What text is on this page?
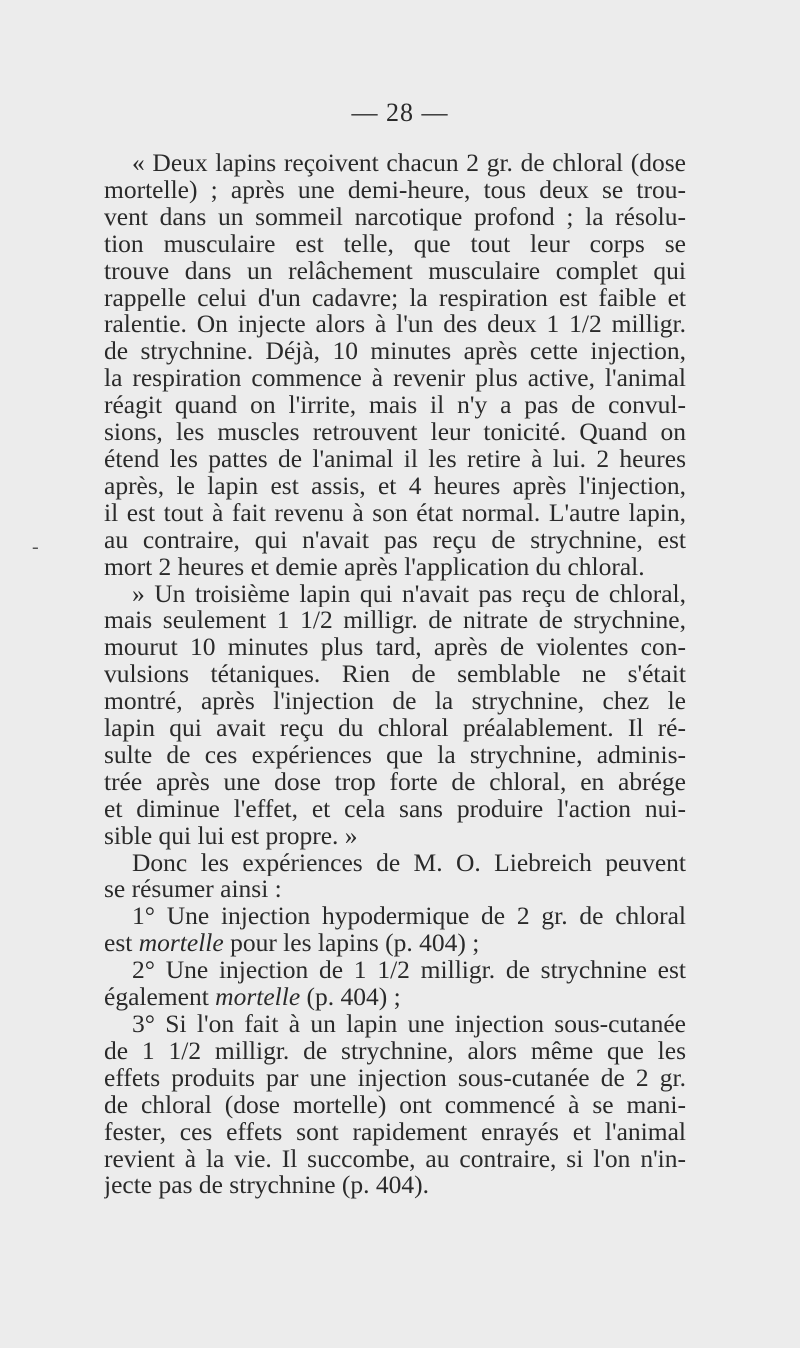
— 28 —
-
« Deux lapins reçoivent chacun 2 gr. de chloral (dose
mortelle) ; après une demi-heure, tous deux se trou-
vent dans un sommeil narcotique profond ; la résolu-
tion musculaire est telle, que tout leur corps se
trouve dans un relâchement musculaire complet qui
rappelle celui d'un cadavre; la respiration est faible et
ralentie. On injecte alors à l'un des deux 1 1/2 milligr.
de strychnine. Déjà, 10 minutes après cette injection,
la respiration commence à revenir plus active, l'animal
réagit quand on l'irrite, mais il n'y a pas de convul-
sions, les muscles retrouvent leur tonicité. Quand on
étend les pattes de l'animal il les retire à lui. 2 heures
après, le lapin est assis, et 4 heures après l'injection,
il est tout à fait revenu à son état normal. L'autre lapin,
au contraire, qui n'avait pas reçu de strychnine, est
mort 2 heures et demie après l'application du chloral.
» Un troisième lapin qui n'avait pas reçu de chloral,
mais seulement 1 1/2 milligr. de nitrate de strychnine,
mourut 10 minutes plus tard, après de violentes con-
vulsions tétaniques. Rien de semblable ne s'était
montré, après l'injection de la strychnine, chez le
lapin qui avait reçu du chloral préalablement. Il ré-
sulte de ces expériences que la strychnine, adminis-
trée après une dose trop forte de chloral, en abrége
et diminue l'effet, et cela sans produire l'action nui-
sible qui lui est propre. »
Donc les expériences de M. O. Liebreich peuvent
se résumer ainsi :
1° Une injection hypodermique de 2 gr. de chloral
est mortelle pour les lapins (p. 404) ;
2° Une injection de 1 1/2 milligr. de strychnine est
également mortelle (p. 404) ;
3° Si l'on fait à un lapin une injection sous-cutanée
de 1 1/2 milligr. de strychnine, alors même que les
effets produits par une injection sous-cutanée de 2 gr.
de chloral (dose mortelle) ont commencé à se mani-
fester, ces effets sont rapidement enrayés et l'animal
revient à la vie. Il succombe, au contraire, si l'on n'in-
jecte pas de strychnine (p. 404).
